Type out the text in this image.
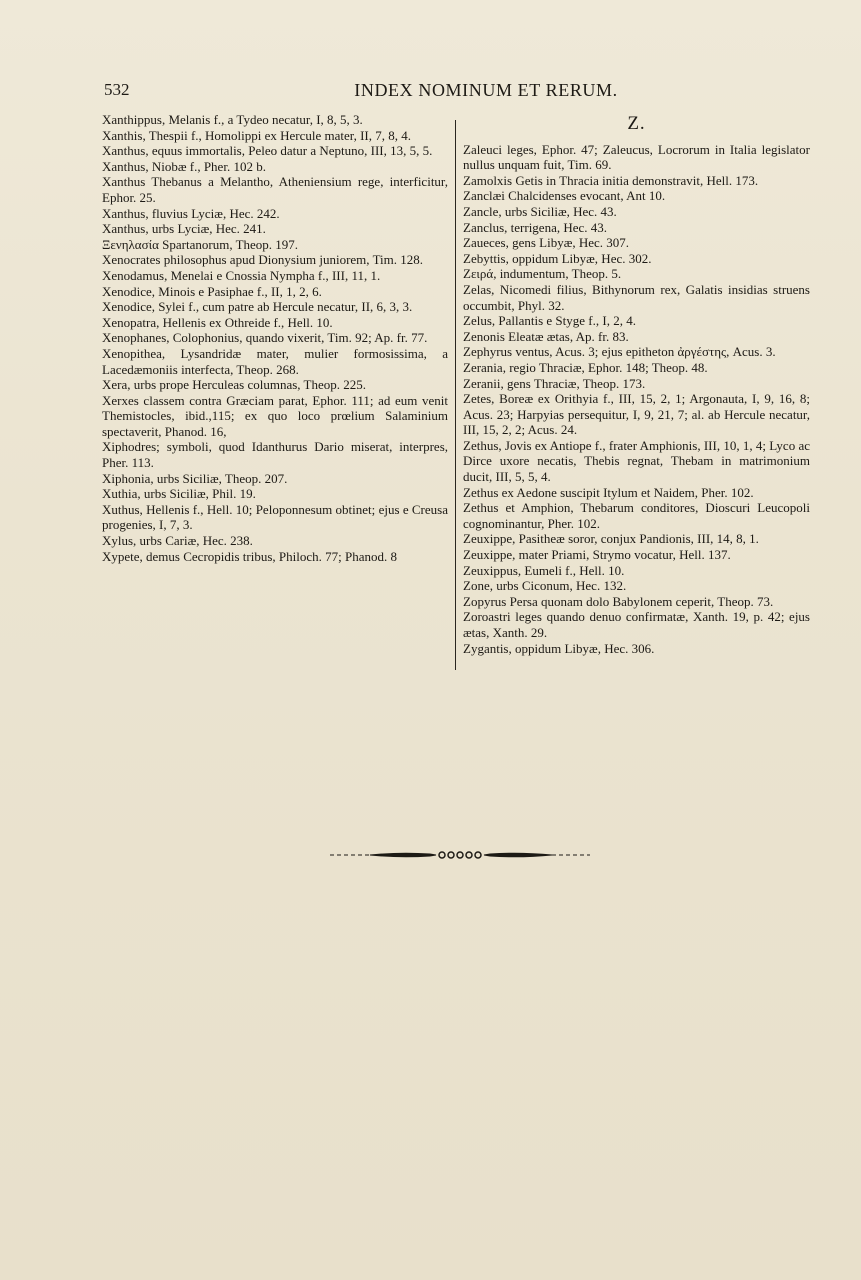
532	INDEX NOMINUM ET RERUM.
Xanthippus, Melanis f., a Tydeo necatur, I, 8, 5, 3.
Xanthis, Thespii f., Homolippi ex Hercule mater, II, 7, 8, 4.
Xanthus, equus immortalis, Peleo datur a Neptuno, III, 13, 5, 5.
Xanthus, Niobæ f., Pher. 102 b.
Xanthus Thebanus a Melantho, Atheniensium rege, interficitur, Ephor. 25.
Xanthus, fluvius Lyciæ, Hec. 242.
Xanthus, urbs Lyciæ, Hec. 241.
Ξενηλασία Spartanorum, Theop. 197.
Xenocrates philosophus apud Dionysium juniorem, Tim. 128.
Xenodamus, Menelai e Cnossia Nympha f., III, 11, 1.
Xenodice, Minois e Pasiphae f., II, 1, 2, 6.
Xenodice, Sylei f., cum patre ab Hercule necatur, II, 6, 3, 3.
Xenopatra, Hellenis ex Othreide f., Hell. 10.
Xenophanes, Colophonius, quando vixerit, Tim. 92; Ap. fr. 77.
Xenopithea, Lysandridæ mater, mulier formosissima, a Lacedæmoniis interfecta, Theop. 268.
Xera, urbs prope Herculeas columnas, Theop. 225.
Xerxes classem contra Græciam parat, Ephor. 111; ad eum venit Themistocles, ibid.,115; ex quo loco prœlium Salaminium spectaverit, Phanod. 16,
Xiphodres; symboli, quod Idanthurus Dario miserat, interpres, Pher. 113.
Xiphonia, urbs Siciliæ, Theop. 207.
Xuthia, urbs Siciliæ, Phil. 19.
Xuthus, Hellenis f., Hell. 10; Peloponnesum obtinet; ejus e Creusa progenies, I, 7, 3.
Xylus, urbs Cariæ, Hec. 238.
Xypete, demus Cecropidis tribus, Philoch. 77; Phanod. 8
Z.
Zaleuci leges, Ephor. 47; Zaleucus, Locrorum in Italia legislator nullus unquam fuit, Tim. 69.
Zamolxis Getis in Thracia initia demonstravit, Hell. 173.
Zanclæi Chalcidenses evocant, Ant 10.
Zancle, urbs Siciliæ, Hec. 43.
Zanclus, terrigena, Hec. 43.
Zaueces, gens Libyæ, Hec. 307.
Zebyttis, oppidum Libyæ, Hec. 302.
Ζειρά, indumentum, Theop. 5.
Zelas, Nicomedi filius, Bithynorum rex, Galatis insidias struens occumbit, Phyl. 32.
Zelus, Pallantis e Stygе f., I, 2, 4.
Zenonis Eleatæ ætas, Ap. fr. 83.
Zephyrus ventus, Acus. 3; ejus epitheton ἀργέστης, Acus. 3.
Zerania, regio Thraciæ, Ephor. 148; Theop. 48.
Zeranii, gens Thraciæ, Theop. 173.
Zetes, Boreæ ex Orithyia f., III, 15, 2, 1; Argonauta, I, 9, 16, 8; Acus. 23; Harpyias persequitur, I, 9, 21, 7; al. ab Hercule necatur, III, 15, 2, 2; Acus. 24.
Zethus, Jovis ex Antiope f., frater Amphionis, III, 10, 1, 4; Lyco ac Dirce uxore necatis, Thebis regnat, Thebam in matrimonium ducit, III, 5, 5, 4.
Zethus ex Aedone suscipit Itylum et Naidem, Pher. 102.
Zethus et Amphion, Thebarum conditores, Dioscuri Leucopoli cognominantur, Pher. 102.
Zeuxippe, Pasitheæ soror, conjux Pandionis, III, 14, 8, 1.
Zeuxippe, mater Priami, Strymo vocatur, Hell. 137.
Zeuxippus, Eumeli f., Hell. 10.
Zone, urbs Ciconum, Hec. 132.
Zopyrus Persa quonam dolo Babylonem ceperit, Theop. 73.
Zoroastri leges quando denuo confirmatæ, Xanth. 19, p. 42; ejus ætas, Xanth. 29.
Zygantis, oppidum Libyæ, Hec. 306.
